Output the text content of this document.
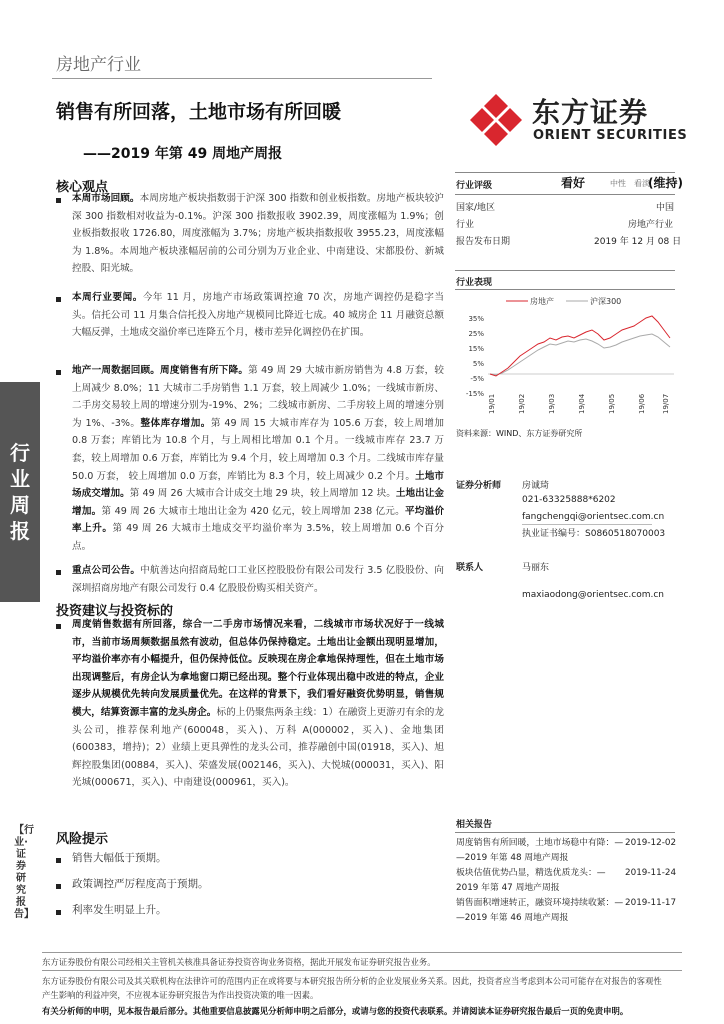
房地产行业
销售有所回落，土地市场有所回暖
——2019 年第 49 周地产周报
东方证券
ORIENT SECURITIES
行
业
周
报
【行业·证券研究报告】
核心观点
本周市场回顾。本周房地产板块指数弱于沪深 300 指数和创业板指数。房地产板块较沪深 300 指数相对收益为-0.1%。沪深 300 指数报收 3902.39，周度涨幅为 1.9%；创业板指数报收 1726.80，周度涨幅为 3.7%；房地产板块指数报收 3955.23，周度涨幅为 1.8%。本周地产板块涨幅居前的公司分别为万业企业、中南建设、宋都股份、新城控股、阳光城。
本周行业要闻。今年 11 月，房地产市场政策调控逾 70 次，房地产调控仍是稳字当头。信托公司 11 月集合信托投入房地产规模同比降近七成。40 城房企 11 月融资总额大幅反弹，土地成交溢价率已连降五个月，楼市差异化调控仍在扩围。
地产一周数据回顾。周度销售有所下降。第 49 周 29 大城市新房销售为 4.8 万套，较上周减少 8.0%；11 大城市二手房销售 1.1 万套，较上周减少 1.0%；一线城市新房、二手房交易较上周的增速分别为-19%、2%；二线城市新房、二手房较上周的增速分别为 1%、-3%。整体库存增加。第 49 周 15 大城市库存为 105.6 万套，较上周增加 0.8 万套；库销比为 10.8 个月，与上周相比增加 0.1 个月。一线城市库存 23.7 万套，较上周增加 0.6 万套，库销比为 9.4 个月，较上周增加 0.3 个月。二线城市库存量 50.0 万套， 较上周增加 0.0 万套，库销比为 8.3 个月，较上周减少 0.2 个月。土地市场成交增加。第 49 周 26 大城市合计成交土地 29 块，较上周增加 12 块。土地出让金增加。第 49 周 26 大城市土地出让金为 420 亿元，较上周增加 238 亿元。平均溢价率上升。第 49 周 26 大城市土地成交平均溢价率为 3.5%，较上周增加 0.6 个百分点。
重点公司公告。中航善达向招商局蛇口工业区控股股份有限公司发行 3.5 亿股股份、向深圳招商房地产有限公司发行 0.4 亿股股份购买相关资产。
投资建议与投资标的
周度销售数据有所回落，综合一二手房市场情况来看，二线城市市场状况好于一线城市，当前市场周频数据虽然有波动，但总体仍保持稳定。土地出让金额出现明显增加，平均溢价率亦有小幅提升，但仍保持低位。反映现在房企拿地保持理性，但在土地市场出现调整后，有房企认为拿地窗口期已经出现。整个行业体现出稳中改进的特点，企业逐步从规模优先转向发展质量优先。在这样的背景下，我们看好融资优势明显，销售规模大，结算资源丰富的龙头房企。标的上仍聚焦两条主线：1）在融资上更游刃有余的龙头公司，推荐保利地产(600048，买入)、万科 A(000002，买入)、金地集团(600383，增持)；2）业绩上更具弹性的龙头公司，推荐融创中国(01918，买入)、旭辉控股集团(00884，买入)、荣盛发展(002146，买入)、大悦城(000031，买入)、阳光城(000671，买入)、中南建设(000961，买入)。
风险提示
销售大幅低于预期。
政策调控严厉程度高于预期。
利率发生明显上升。
行业评级	看好	中性 看淡
(维持)
国家/地区	中国
行业	房地产行业
报告发布日期	2019 年 12 月 08 日
行业表现
房地产	沪深300
35%
25%
15%
5%
-5%
-15% 19/01	19/02	19/03	19/04	19/05	19/06 19/07
资料来源：WIND、东方证券研究所
证券分析师 房诚琦
021-63325888*6202
fangchengqi@orientsec.com.cn
执业证书编号：S0860518070003
联系人	马丽东
maxiaodong@orientsec.com.cn
相关报告
周度销售有所回暖，土地市场稳中有降：— 2019-12-02
—2019 年第 48 周地产周报
板块估值优势凸显，精选优质龙头：— 2019-11-24
2019 年第 47 周地产周报
销售面积增速转正，融资环境持续收紧：— 2019-11-17
—2019 年第 46 周地产周报
东方证券股份有限公司经相关主管机关核准具备证券投资咨询业务资格，据此开展发布证券研究报告业务。
东方证券股份有限公司及其关联机构在法律许可的范围内正在或将要与本研究报告所分析的企业发展业务关系。因此，投资者应当考虑到本公司可能存在对报告的客观性
产生影响的利益冲突，不应视本证券研究报告为作出投资决策的唯一因素。
有关分析师的申明，见本报告最后部分。其他重要信息披露见分析师申明之后部分，或请与您的投资代表联系。并请阅读本证券研究报告最后一页的免责申明。
